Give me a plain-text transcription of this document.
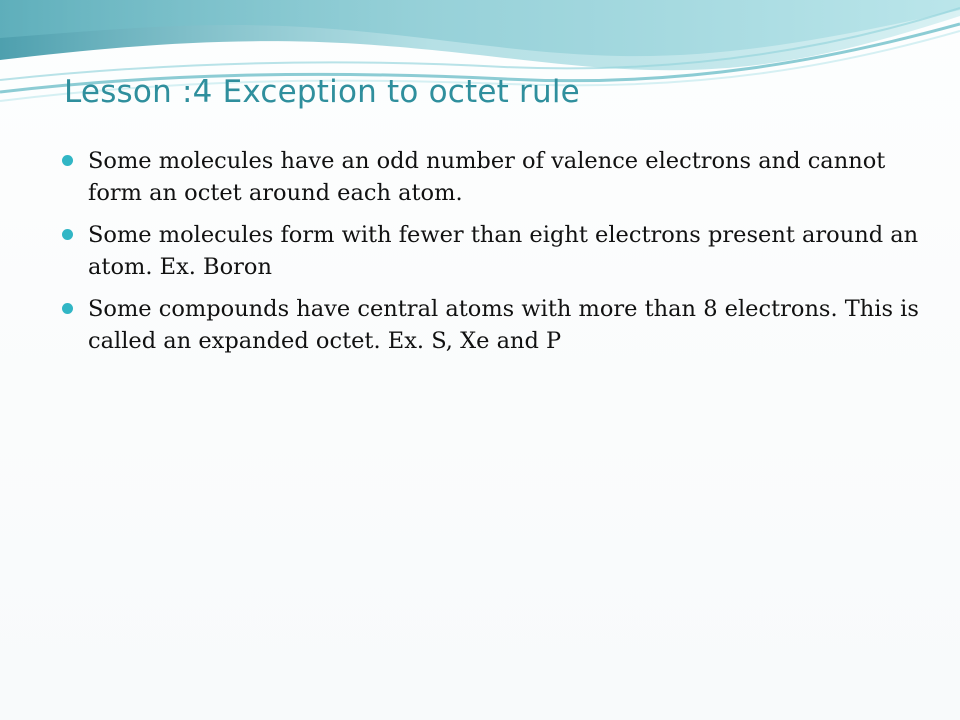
Lesson :4 Exception to octet rule
Some molecules have an odd number of valence electrons and cannot form an octet around each atom.
Some molecules form with fewer than eight electrons present around an atom. Ex. Boron
Some compounds have central atoms with more than 8 electrons. This is called an expanded octet. Ex. S, Xe and P
